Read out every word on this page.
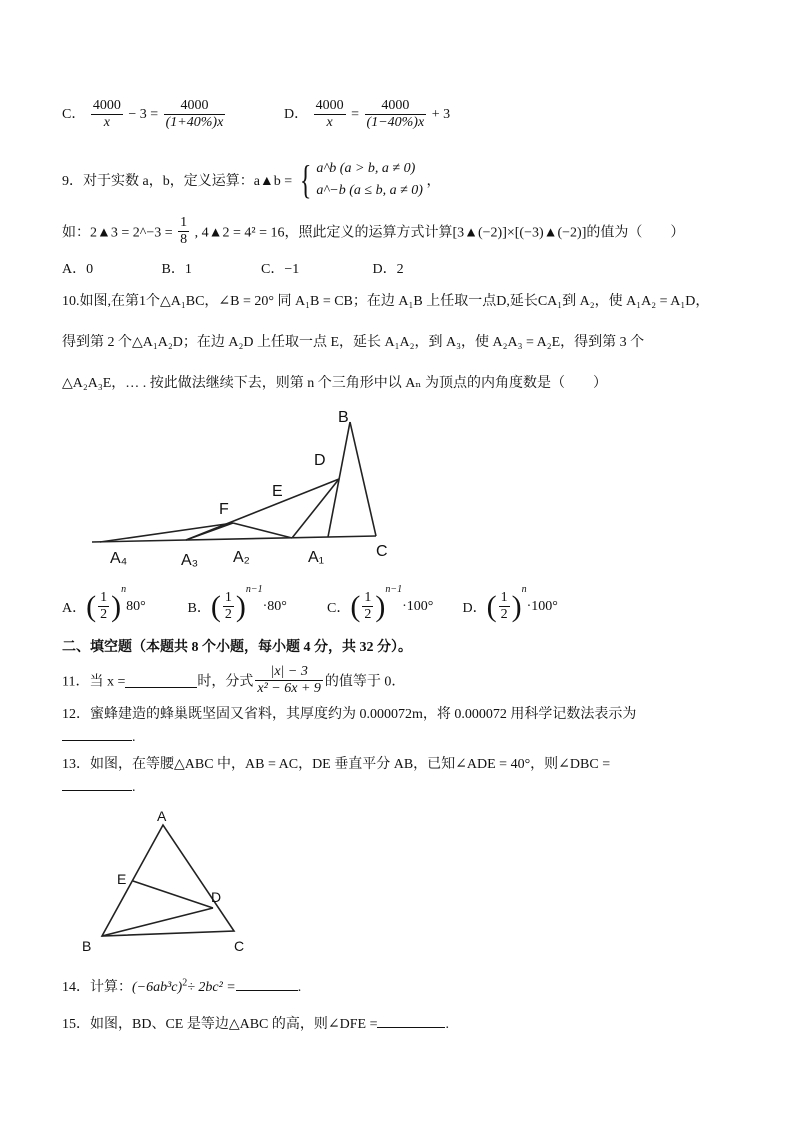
C． $\frac{4000}{x} - 3 = \frac{4000}{(1+40\%)x}$	D． $\frac{4000}{x} = \frac{4000}{(1-40\%)x} + 3$
9．对于实数 a，b，定义运算：a▲b = { a^b (a > b, a ≠ 0)
a^−b (a ≤ b, a ≠ 0)
，
如：2▲3 = 2^−3 = $\frac{1}{8}$ , 4▲2 = 4² = 16，照此定义的运算方式计算[3▲(−2)]×[(−3)▲(−2)]的值为（　　）
A．0	B．1	C．−1	D．2
10.如图,在第1个△A₁BC，∠B = 20° 同 A₁B = CB；在边 A₁B 上任取一点D,延长CA₁到 A₂，使 A₁A₂ = A₁D，
得到第 2 个△A₁A₂D；在边 A₂D 上任取一点 E，延长 A₁A₂，到 A₃，使 A₂A₃ = A₂E，得到第 3 个
△A₂A₃E，… . 按此做法继续下去，则第 n 个三角形中以 Aₙ 为顶点的内角度数是（　　）
B
D
E
F
A₄	A₃ A₂	A₁	C
A．( $\frac{1}{2} )^n80^\circ$	B．( $\frac{1}{2} )^{n-1}\cdot 80^\circ$	C．( $\frac{1}{2} )^{n-1}\cdot 100^\circ$ D．( $\frac{1}{2} )^n\cdot 100^\circ$
二、填空题（本题共 8 个小题，每小题 4 分，共 32 分）。
11．当 x =	时，分式 $\frac{|x| - 3}{\text{x² − 6x + 9}}$ 的值等于 0．
12．蜜蜂建造的蜂巢既坚固又省料，其厚度约为 0.000072m，将 0.000072 用科学记数法表示为
.
13．如图，在等腰△ABC 中，AB = AC，DE 垂直平分 AB，已知∠ADE = 40°，则∠DBC =
.
A
E
D
B	C
14．计算：$(-6ab^3c)^2\div 2bc^2$ =	.
15．如图，BD、CE 是等边△ABC 的高，则∠DFE =	.
